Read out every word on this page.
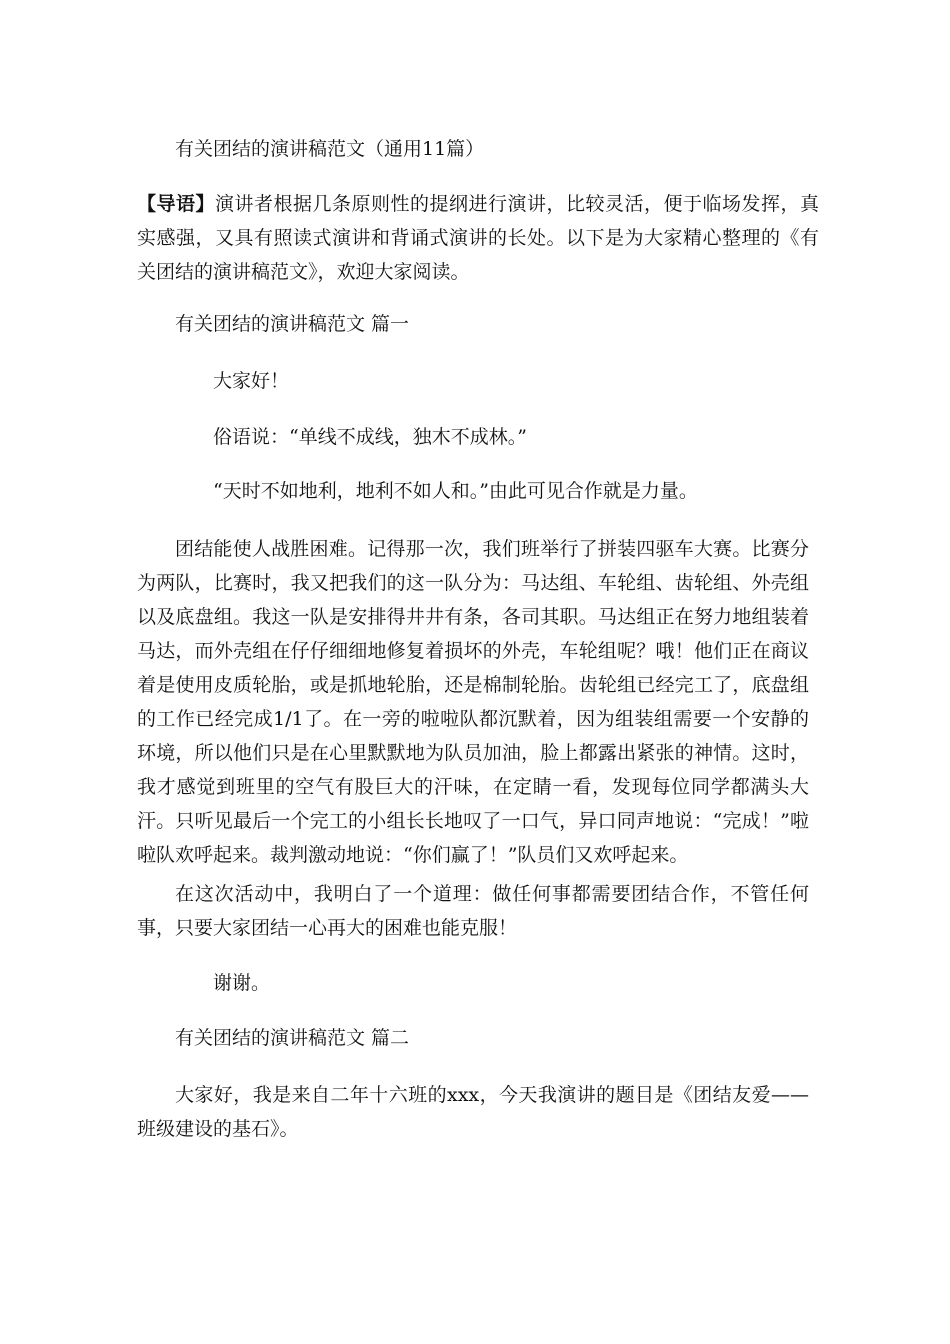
有关团结的演讲稿范文（通用11篇）
【导语】演讲者根据几条原则性的提纲进行演讲，比较灵活，便于临场发挥，真实感强，又具有照读式演讲和背诵式演讲的长处。以下是为大家精心整理的《有关团结的演讲稿范文》，欢迎大家阅读。
有关团结的演讲稿范文 篇一
大家好！
俗语说：“单线不成线，独木不成林。”
“天时不如地利，地利不如人和。”由此可见合作就是力量。
团结能使人战胜困难。记得那一次，我们班举行了拼装四驱车大赛。比赛分为两队，比赛时，我又把我们的这一队分为：马达组、车轮组、齿轮组、外壳组以及底盘组。我这一队是安排得井井有条，各司其职。马达组正在努力地组装着马达，而外壳组在仔仔细细地修复着损坏的外壳，车轮组呢？哦！他们正在商议着是使用皮质轮胎，或是抓地轮胎，还是棉制轮胎。齿轮组已经完工了，底盘组的工作已经完成1/1了。在一旁的啦啦队都沉默着，因为组装组需要一个安静的环境，所以他们只是在心里默默地为队员加油，脸上都露出紧张的神情。这时，我才感觉到班里的空气有股巨大的汗味，在定睛一看，发现每位同学都满头大汗。只听见最后一个完工的小组长长地叹了一口气，异口同声地说：“完成！”啦啦队欢呼起来。裁判激动地说：“你们赢了！”队员们又欢呼起来。
在这次活动中，我明白了一个道理：做任何事都需要团结合作，不管任何事，只要大家团结一心再大的困难也能克服！
谢谢。
有关团结的演讲稿范文 篇二
大家好，我是来自二年十六班的xxx，今天我演讲的题目是《团结友爱——班级建设的基石》。
